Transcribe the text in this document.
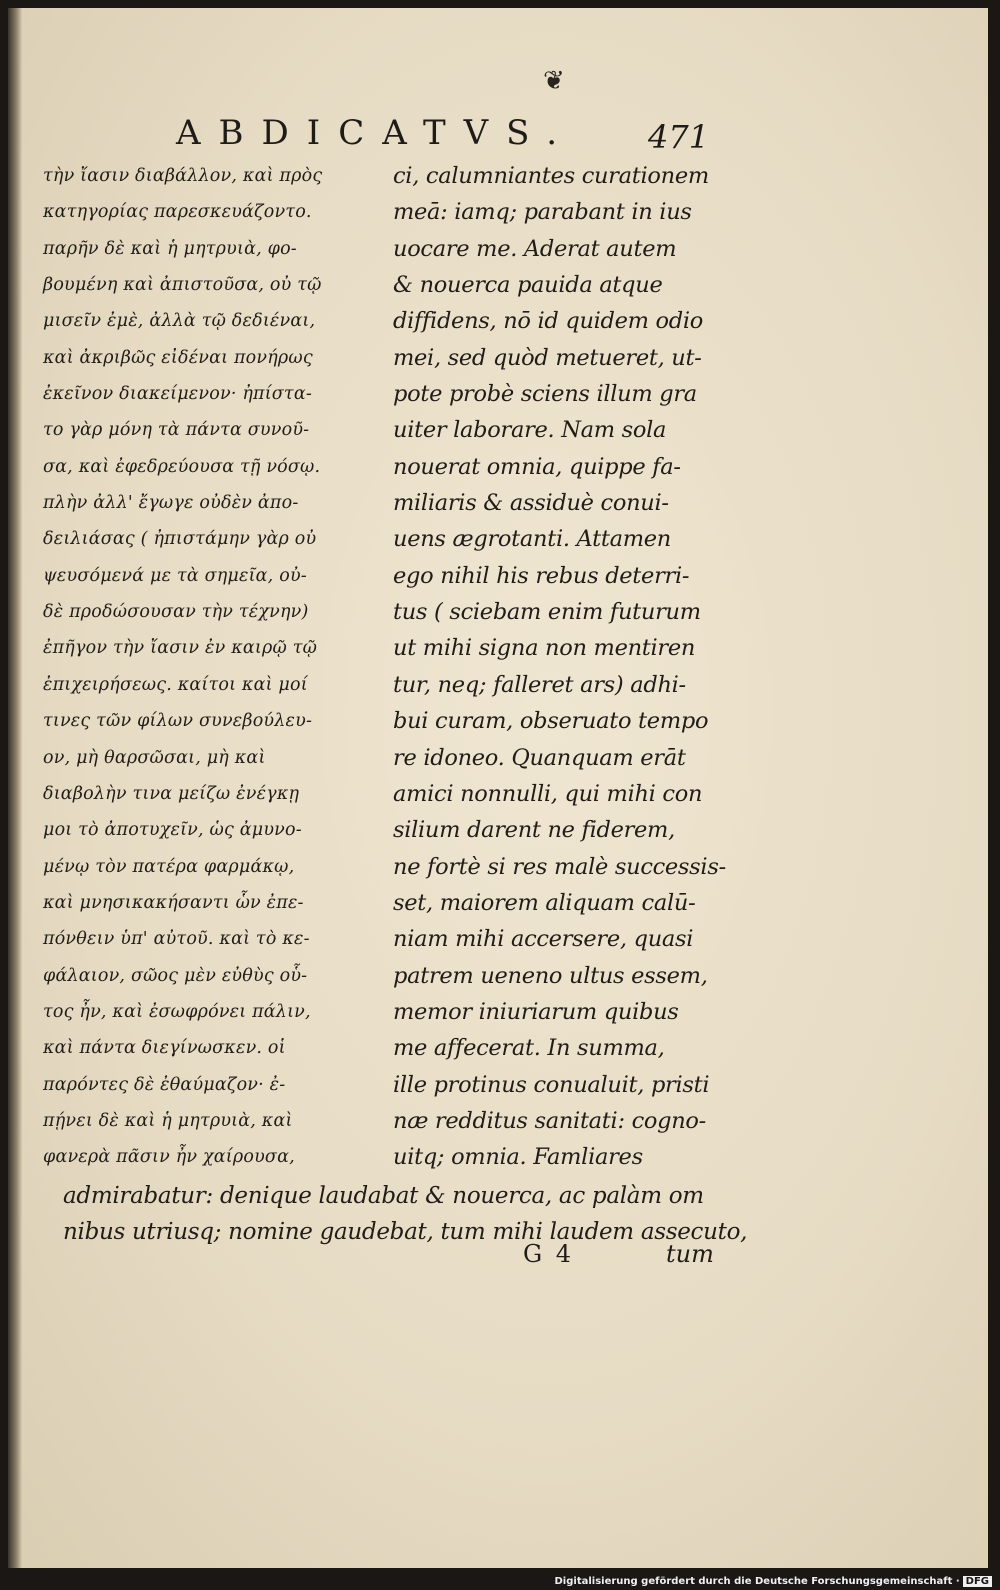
❦
ABDICATVS. 471
τὴν ἴασιν διαβάλλον, καὶ πρὸς
κατηγορίας παρεσκευάζοντο.
παρῆν δὲ καὶ ἡ μητρυιὰ, φο-
βουμένη καὶ ἀπιστοῦσα, οὐ τῷ
μισεῖν ἐμὲ, ἀλλὰ τῷ δεδιέναι,
καὶ ἀκριβῶς εἰδέναι πονήρως
ἐκεῖνον διακείμενον· ἠπίστα-
το γὰρ μόνη τὰ πάντα συνοῦ-
σα, καὶ ἐφεδρεύουσα τῇ νόσῳ.
πλὴν ἀλλ' ἔγωγε οὐδὲν ἀπο-
δειλιάσας ( ἠπιστάμην γὰρ οὐ
ψευσόμενά με τὰ σημεῖα, οὐ-
δὲ προδώσουσαν τὴν τέχνην)
ἐπῆγον τὴν ἴασιν ἐν καιρῷ τῷ
ἐπιχειρήσεως. καίτοι καὶ μοί
τινες τῶν φίλων συνεβούλευ-
ον, μὴ θαρσῶσαι, μὴ καὶ
διαβολὴν τινα μείζω ἐνέγκῃ
μοι τὸ ἀποτυχεῖν, ὡς ἀμυνο-
μένῳ τὸν πατέρα φαρμάκῳ,
καὶ μνησικακήσαντι ὧν ἐπε-
πόνθειν ὑπ' αὐτοῦ. καὶ τὸ κε-
φάλαιον, σῶος μὲν εὐθὺς οὗ-
τος ἦν, καὶ ἐσωφρόνει πάλιν,
καὶ πάντα διεγίνωσκεν. οἱ
παρόντες δὲ ἐθαύμαζον· ἐ-
πῄνει δὲ καὶ ἡ μητρυιὰ, καὶ
φανερὰ πᾶσιν ἦν χαίρουσα,
ci, calumniantes curationem
meā: iamq; parabant in ius
uocare me. Aderat autem
& nouerca pauida atque
diffidens, nō id quidem odio
mei, sed quòd metueret, ut-
pote probè sciens illum gra
uiter laborare. Nam sola
nouerat omnia, quippe fa-
miliaris & assiduè conui-
uens ægrotanti. Attamen
ego nihil his rebus deterri-
tus ( sciebam enim futurum
ut mihi signa non mentiren
tur, neq; falleret ars) adhi-
bui curam, obseruato tempo
re idoneo. Quanquam erāt
amici nonnulli, qui mihi con
silium darent ne fiderem,
ne fortè si res malè successis-
set, maiorem aliquam calū-
niam mihi accersere, quasi
patrem ueneno ultus essem,
memor iniuriarum quibus
me affecerat. In summa,
ille protinus conualuit, pristi
næ redditus sanitati: cogno-
uitq; omnia. Famliares
admirabatur: denique laudabat & nouerca, ac palàm om
nibus utriusq; nomine gaudebat, tum mihi laudem assecuto,
G 4	tum
Digitalisierung gefördert durch die Deutsche Forschungsgemeinschaft · DFG
